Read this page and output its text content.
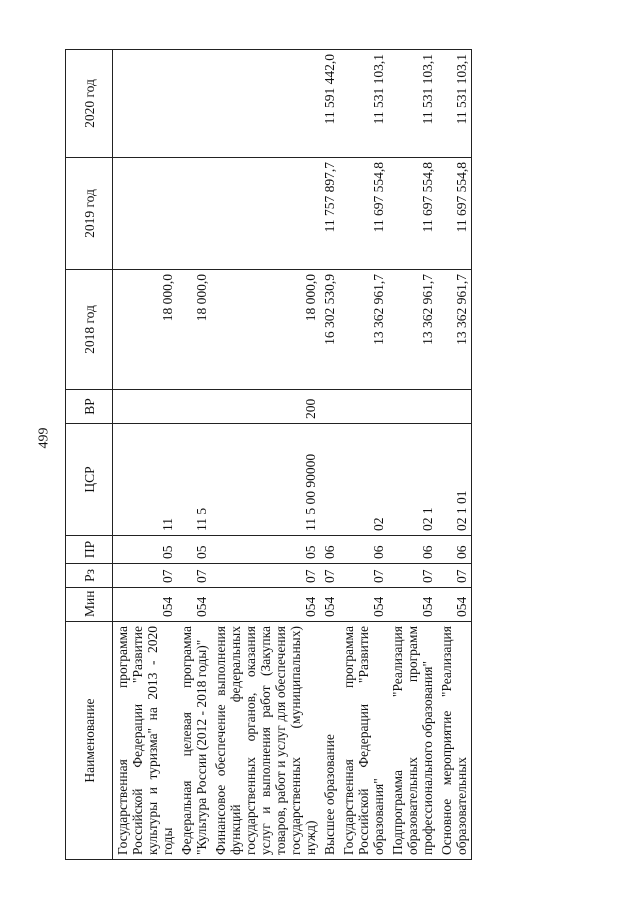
499
Наименование	Мин	Рз	ПР	ЦСР	ВР	2018 год	2019 год	2020 год
Государственная программа Российской Федерации "Развитие культуры и туризма" на 2013 - 2020 годы	054	07	05	11		18 000,0		
Федеральная целевая программа "Культура России (2012 - 2018 годы)"	054	07	05	11 5		18 000,0		
Финансовое обеспечение выполнения функций федеральных государственных органов, оказания услуг и выполнения работ (Закупка товаров, работ и услуг для обеспечения государственных (муниципальных) нужд)	054	07	05	11 5 00 90000	200	18 000,0		
Высшее образование	054	07	06			16 302 530,9	11 757 897,7	11 591 442,0
Государственная программа Российской Федерации "Развитие образования"	054	07	06	02		13 362 961,7	11 697 554,8	11 531 103,1
Подпрограмма "Реализация образовательных программ профессионального образования"	054	07	06	02 1		13 362 961,7	11 697 554,8	11 531 103,1
Основное мероприятие "Реализация образовательных	054	07	06	02 1 01		13 362 961,7	11 697 554,8	11 531 103,1
